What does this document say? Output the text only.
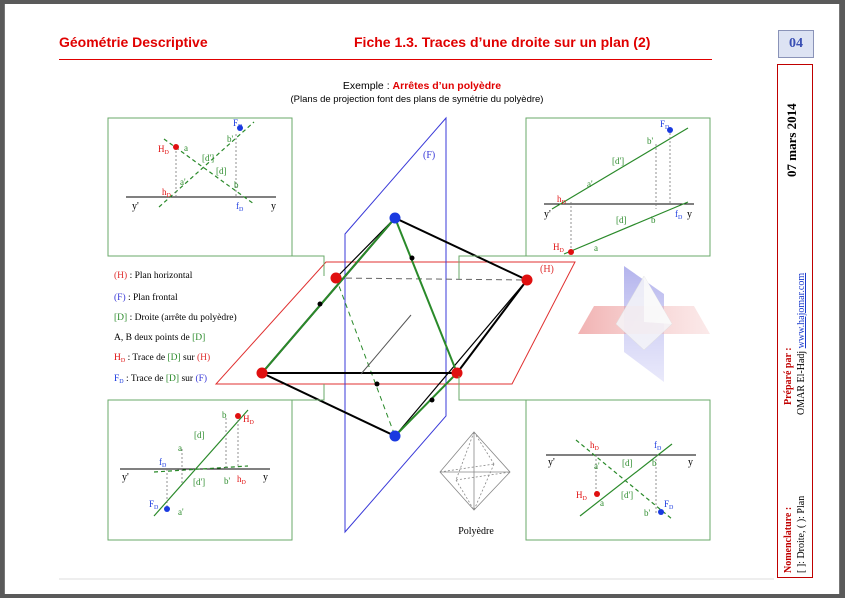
Géométrie Descriptive	Fiche 1.3. Traces d’une droite sur un plan (2)	04
07 mars 2014
Préparé par : OMAR El-Hadj www.hajomar.com
Nomenclature : [ ]: Droite, ( ): Plan
Exemple : Arrêtes d’un polyèdre
(Plans de projection font des plans de symétrie du polyèdre)
(H)
(F)
y'	y
$H_D$
$F_D$
a
b'
[d']
[d]
a'	b
$h_D$
$f_D$	y'	y
$H_D$
$F_D$
b'
[d']
a'
[d]	b
a
$h_D$
$f_D$
y'	y
$H_D$
$F_D$
b
[d]
a
[d'] b'
a'
$f_D$
$h_D$
y'	y
$H_D$	$F_D$
$h_D$	$f_D$
a' [d] b
[d']
a
b'
(H) : Plan horizontal
(F) : Plan frontal
[D] : Droite (arrête du polyèdre)
A, B deux points de [D]
$H_D$ : Trace de [D] sur (H)
$F_D$ : Trace de [D] sur (F)
Polyèdre
